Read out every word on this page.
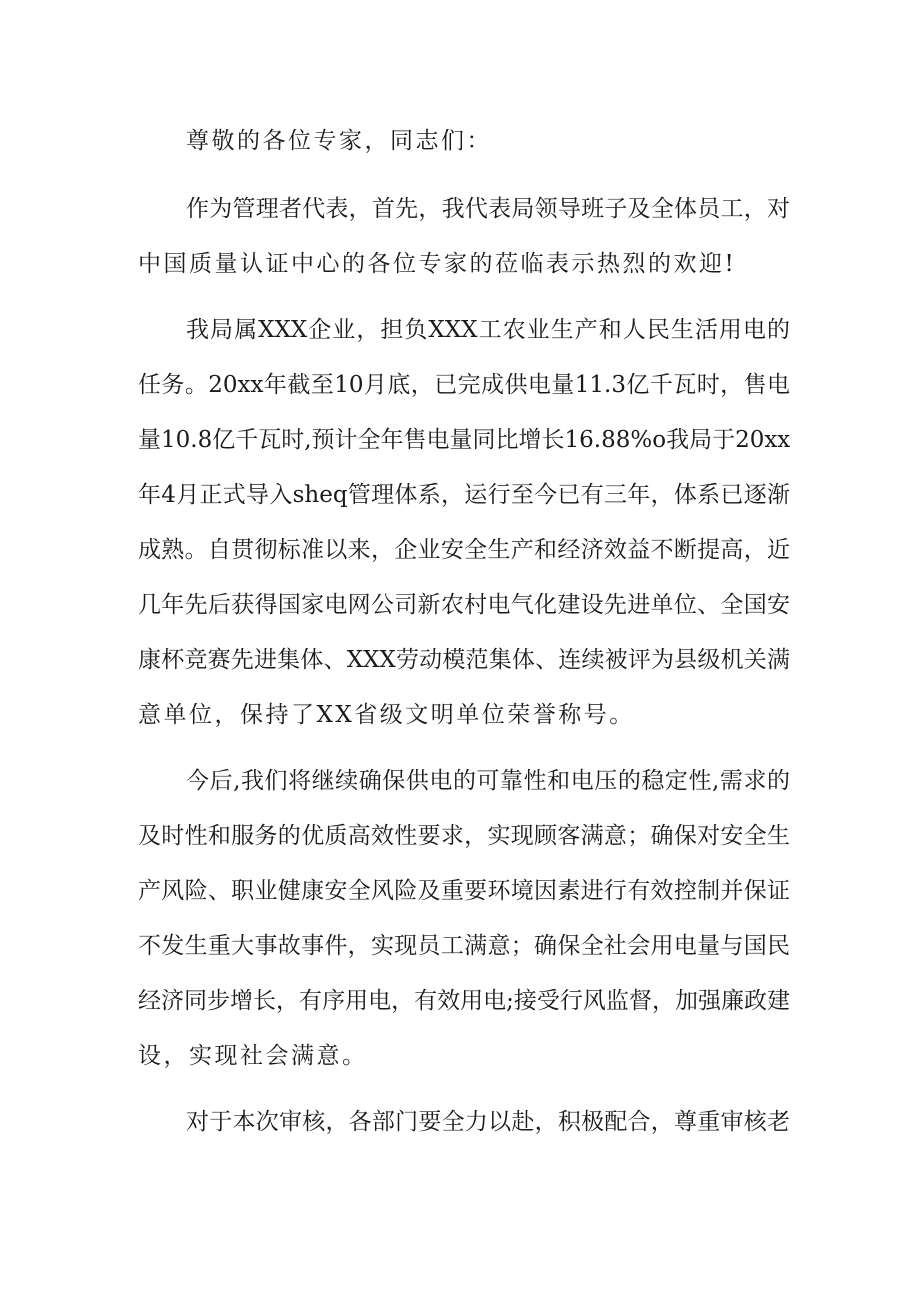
尊敬的各位专家，同志们：
作为管理者代表，首先，我代表局领导班子及全体员工，对
中国质量认证中心的各位专家的莅临表示热烈的欢迎!
我局属XXX企业，担负XXX工农业生产和人民生活用电的
任务。20xx年截至10月底，已完成供电量11.3亿千瓦时，售电
量10.8亿千瓦时,预计全年售电量同比增长16.88%o我局于20xx
年4月正式导入sheq管理体系，运行至今已有三年，体系已逐渐
成熟。自贯彻标准以来，企业安全生产和经济效益不断提高，近
几年先后获得国家电网公司新农村电气化建设先进单位、全国安
康杯竞赛先进集体、XXX劳动模范集体、连续被评为县级机关满
意单位，保持了XX省级文明单位荣誉称号。
今后,我们将继续确保供电的可靠性和电压的稳定性,需求的
及时性和服务的优质高效性要求，实现顾客满意；确保对安全生
产风险、职业健康安全风险及重要环境因素进行有效控制并保证
不发生重大事故事件，实现员工满意；确保全社会用电量与国民
经济同步增长，有序用电，有效用电;接受行风监督，加强廉政建
设，实现社会满意。
对于本次审核，各部门要全力以赴，积极配合，尊重审核老
